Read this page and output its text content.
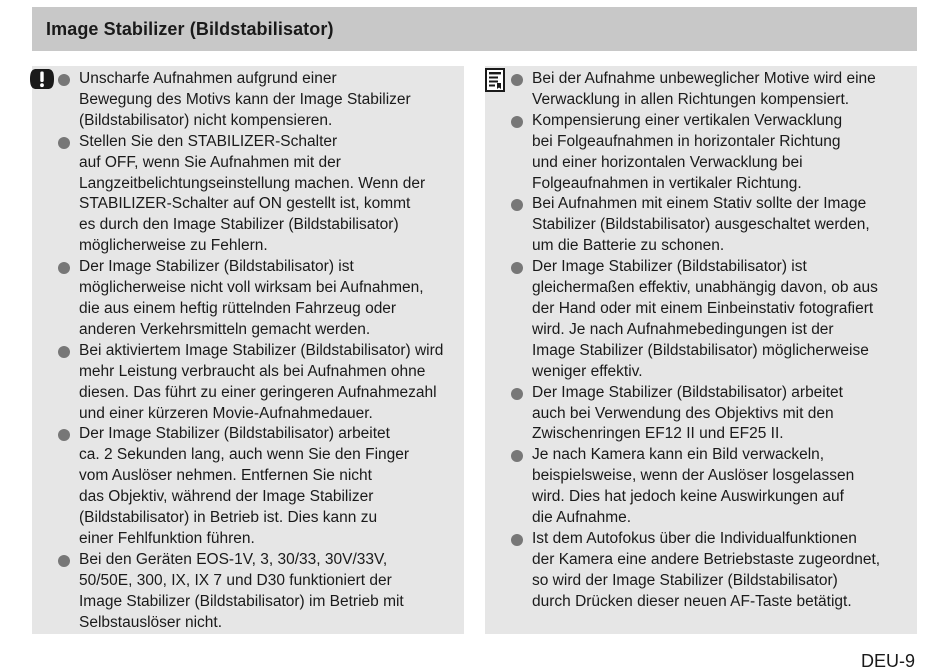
Image Stabilizer (Bildstabilisator)
Unscharfe Aufnahmen aufgrund einer
Bewegung des Motivs kann der Image Stabilizer
(Bildstabilisator) nicht kompensieren.
Stellen Sie den STABILIZER-Schalter
auf OFF, wenn Sie Aufnahmen mit der
Langzeitbelichtungseinstellung machen. Wenn der
STABILIZER-Schalter auf ON gestellt ist, kommt
es durch den Image Stabilizer (Bildstabilisator)
möglicherweise zu Fehlern.
Der Image Stabilizer (Bildstabilisator) ist
möglicherweise nicht voll wirksam bei Aufnahmen,
die aus einem heftig rüttelnden Fahrzeug oder
anderen Verkehrsmitteln gemacht werden.
Bei aktiviertem Image Stabilizer (Bildstabilisator) wird
mehr Leistung verbraucht als bei Aufnahmen ohne
diesen. Das führt zu einer geringeren Aufnahmezahl
und einer kürzeren Movie-Aufnahmedauer.
Der Image Stabilizer (Bildstabilisator) arbeitet
ca. 2 Sekunden lang, auch wenn Sie den Finger
vom Auslöser nehmen. Entfernen Sie nicht
das Objektiv, während der Image Stabilizer
(Bildstabilisator) in Betrieb ist. Dies kann zu
einer Fehlfunktion führen.
Bei den Geräten EOS-1V, 3, 30/33, 30V/33V,
50/50E, 300, IX, IX 7 und D30 funktioniert der
Image Stabilizer (Bildstabilisator) im Betrieb mit
Selbstauslöser nicht.
Bei der Aufnahme unbeweglicher Motive wird eine
Verwacklung in allen Richtungen kompensiert.
Kompensierung einer vertikalen Verwacklung
bei Folgeaufnahmen in horizontaler Richtung
und einer horizontalen Verwacklung bei
Folgeaufnahmen in vertikaler Richtung.
Bei Aufnahmen mit einem Stativ sollte der Image
Stabilizer (Bildstabilisator) ausgeschaltet werden,
um die Batterie zu schonen.
Der Image Stabilizer (Bildstabilisator) ist
gleichermaßen effektiv, unabhängig davon, ob aus
der Hand oder mit einem Einbeinstativ fotografiert
wird. Je nach Aufnahmebedingungen ist der
Image Stabilizer (Bildstabilisator) möglicherweise
weniger effektiv.
Der Image Stabilizer (Bildstabilisator) arbeitet
auch bei Verwendung des Objektivs mit den
Zwischenringen EF12 II und EF25 II.
Je nach Kamera kann ein Bild verwackeln,
beispielsweise, wenn der Auslöser losgelassen
wird. Dies hat jedoch keine Auswirkungen auf
die Aufnahme.
Ist dem Autofokus über die Individualfunktionen
der Kamera eine andere Betriebstaste zugeordnet,
so wird der Image Stabilizer (Bildstabilisator)
durch Drücken dieser neuen AF-Taste betätigt.
DEU-9
